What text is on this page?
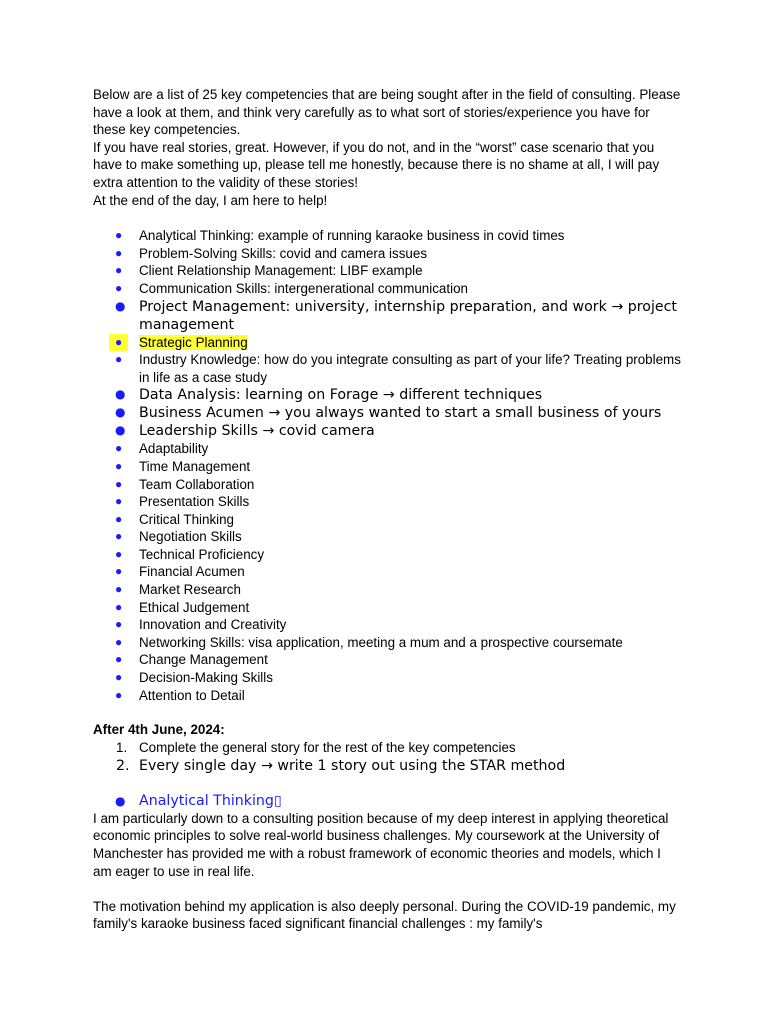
Below are a list of 25 key competencies that are being sought after in the field of consulting. Please have a look at them, and think very carefully as to what sort of stories/experience you have for these key competencies.

If you have real stories, great. However, if you do not, and in the “worst” case scenario that you have to make something up, please tell me honestly, because there is no shame at all, I will pay extra attention to the validity of these stories!

At the end of the day, I am here to help!

● Analytical Thinking: example of running karaoke business in covid times
● Problem-Solving Skills: covid and camera issues
● Client Relationship Management: LIBF example
● Communication Skills: intergenerational communication
● Project Management: university, internship preparation, and work → project management
●	Strategic Planning
● Industry Knowledge: how do you integrate consulting as part of your life? Treating problems in life as a case study
● Data Analysis: learning on Forage → different techniques
● Business Acumen → you always wanted to start a small business of yours
● Leadership Skills → covid camera
● Adaptability
● Time Management
● Team Collaboration
● Presentation Skills
● Critical Thinking
● Negotiation Skills
● Technical Proficiency
● Financial Acumen
● Market Research
● Ethical Judgement
● Innovation and Creativity
● Networking Skills: visa application, meeting a mum and a prospective coursemate
● Change Management
● Decision-Making Skills
● Attention to Detail
After 4th June, 2024:
1. Complete the general story for the rest of the key competencies
2. Every single day → write 1 story out using the STAR method
● Analytical Thinking▯

I am particularly down to a consulting position because of my deep interest in applying theoretical economic principles to solve real-world business challenges. My coursework at the University of Manchester has provided me with a robust framework of economic theories and models, which I am eager to use in real life.

The motivation behind my application is also deeply personal. During the COVID-19 pandemic, my family's karaoke business faced significant financial challenges : my family's
